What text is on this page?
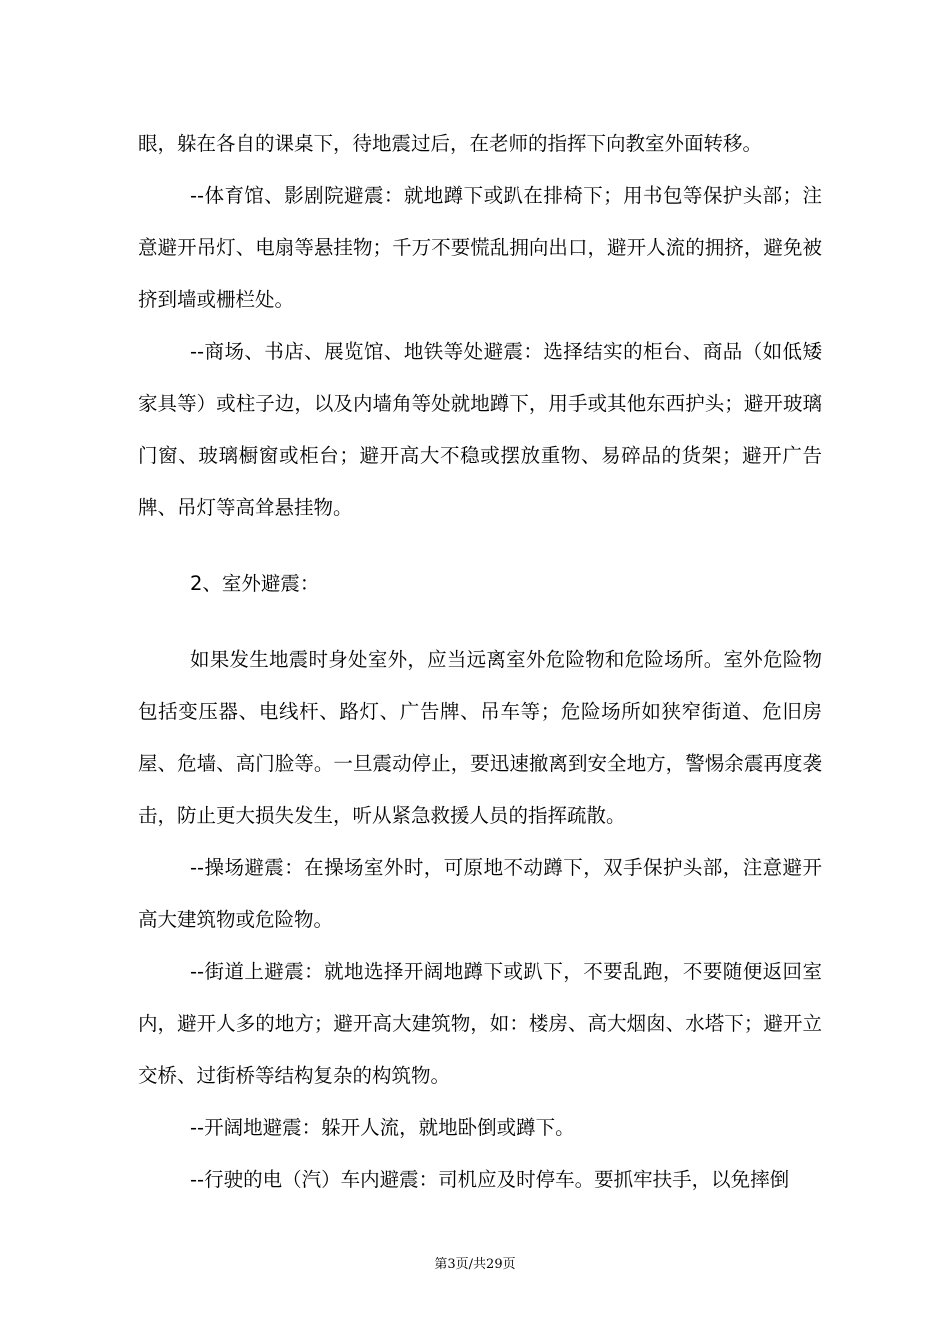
眼，躲在各自的课桌下，待地震过后，在老师的指挥下向教室外面转移。

--体育馆、影剧院避震：就地蹲下或趴在排椅下；用书包等保护头部；注意避开吊灯、电扇等悬挂物；千万不要慌乱拥向出口，避开人流的拥挤，避免被挤到墙或栅栏处。

--商场、书店、展览馆、地铁等处避震：选择结实的柜台、商品（如低矮家具等）或柱子边，以及内墙角等处就地蹲下，用手或其他东西护头；避开玻璃门窗、玻璃橱窗或柜台；避开高大不稳或摆放重物、易碎品的货架；避开广告牌、吊灯等高耸悬挂物。

2、室外避震：

如果发生地震时身处室外，应当远离室外危险物和危险场所。室外危险物包括变压器、电线杆、路灯、广告牌、吊车等；危险场所如狭窄街道、危旧房屋、危墙、高门脸等。一旦震动停止，要迅速撤离到安全地方，警惕余震再度袭击，防止更大损失发生，听从紧急救援人员的指挥疏散。

--操场避震：在操场室外时，可原地不动蹲下，双手保护头部，注意避开高大建筑物或危险物。

--街道上避震：就地选择开阔地蹲下或趴下，不要乱跑，不要随便返回室内，避开人多的地方；避开高大建筑物，如：楼房、高大烟囱、水塔下；避开立交桥、过街桥等结构复杂的构筑物。

--开阔地避震：躲开人流，就地卧倒或蹲下。

--行驶的电（汽）车内避震：司机应及时停车。要抓牢扶手，以免摔倒

第3页/共29页
